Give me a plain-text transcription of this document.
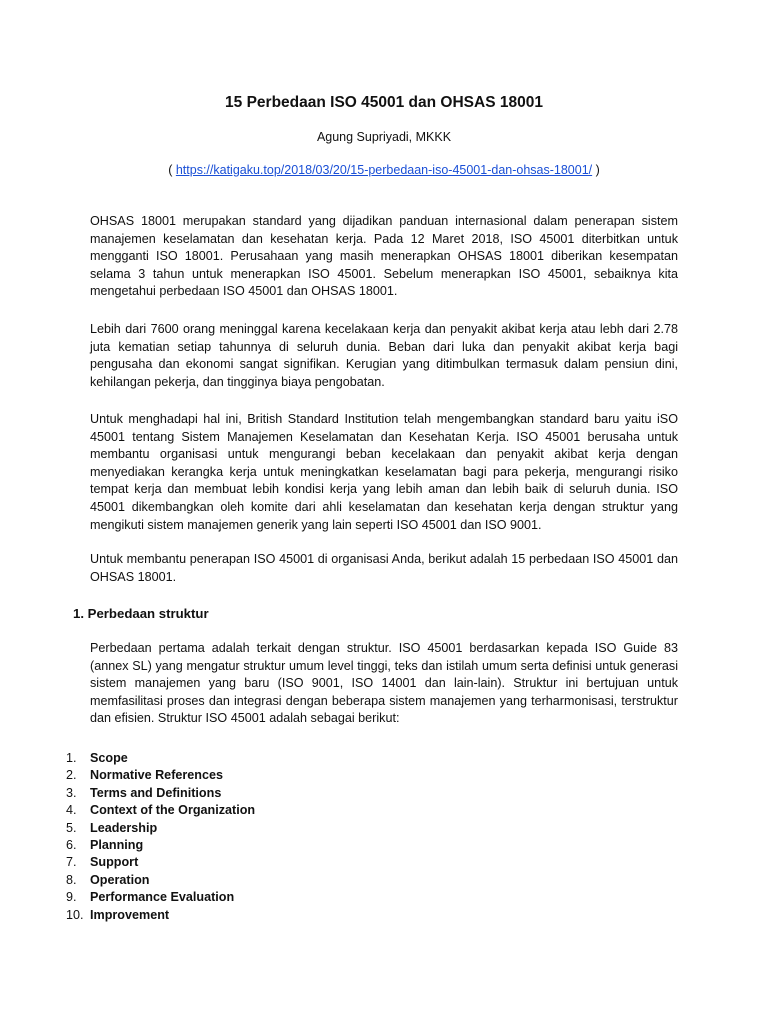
15 Perbedaan ISO 45001 dan OHSAS 18001
Agung Supriyadi, MKKK
( https://katigaku.top/2018/03/20/15-perbedaan-iso-45001-dan-ohsas-18001/ )

OHSAS 18001 merupakan standard yang dijadikan panduan internasional dalam penerapan sistem manajemen keselamatan dan kesehatan kerja. Pada 12 Maret 2018, ISO 45001 diterbitkan untuk mengganti ISO 18001. Perusahaan yang masih menerapkan OHSAS 18001 diberikan kesempatan selama 3 tahun untuk menerapkan ISO 45001. Sebelum menerapkan ISO 45001, sebaiknya kita mengetahui perbedaan ISO 45001 dan OHSAS 18001.

Lebih dari 7600 orang meninggal karena kecelakaan kerja dan penyakit akibat kerja atau lebh dari 2.78 juta kematian setiap tahunnya di seluruh dunia. Beban dari luka dan penyakit akibat kerja bagi pengusaha dan ekonomi sangat signifikan. Kerugian yang ditimbulkan termasuk dalam pensiun dini, kehilangan pekerja, dan tingginya biaya pengobatan.

Untuk menghadapi hal ini, British Standard Institution telah mengembangkan standard baru yaitu iSO 45001 tentang Sistem Manajemen Keselamatan dan Kesehatan Kerja. ISO 45001 berusaha untuk membantu organisasi untuk mengurangi beban kecelakaan dan penyakit akibat kerja dengan menyediakan kerangka kerja untuk meningkatkan keselamatan bagi para pekerja, mengurangi risiko tempat kerja dan membuat lebih kondisi kerja yang lebih aman dan lebih baik di seluruh dunia. ISO 45001 dikembangkan oleh komite dari ahli keselamatan dan kesehatan kerja dengan struktur yang mengikuti sistem manajemen generik yang lain seperti ISO 45001 dan ISO 9001.

Untuk membantu penerapan ISO 45001 di organisasi Anda, berikut adalah 15 perbedaan ISO 45001 dan OHSAS 18001.

1. Perbedaan struktur

Perbedaan pertama adalah terkait dengan struktur. ISO 45001 berdasarkan kepada ISO Guide 83 (annex SL) yang mengatur struktur umum level tinggi, teks dan istilah umum serta definisi untuk generasi sistem manajemen yang baru (ISO 9001, ISO 14001 dan lain-lain). Struktur ini bertujuan untuk memfasilitasi proses dan integrasi dengan beberapa sistem manajemen yang terharmonisasi, terstruktur dan efisien. Struktur ISO 45001 adalah sebagai berikut:

1. Scope
2. Normative References
3. Terms and Definitions
4. Context of the Organization
5. Leadership
6. Planning
7. Support
8. Operation
9. Performance Evaluation
10. Improvement
